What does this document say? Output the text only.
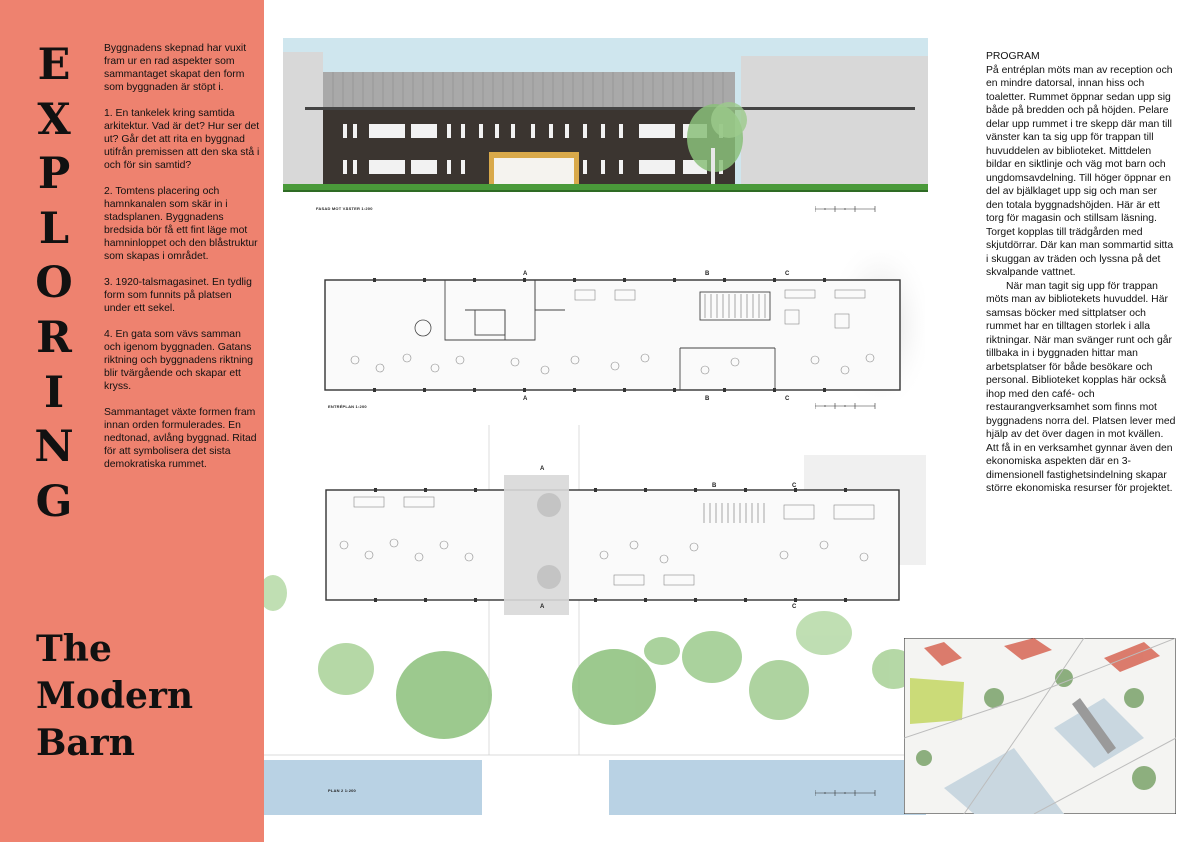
E
X
P
L
O
R
I
N
G

Byggnadens skepnad har vuxit fram ur en rad aspekter som sammantaget skapat den form som byggnaden är stöpt i.

1. En tankelek kring samtida arkitektur. Vad är det? Hur ser det ut? Går det att rita en byggnad utifrån premissen att den ska stå i och för sin samtid?

2. Tomtens placering och hamnkanalen som skär in i stadsplanen. Byggnadens bredsida bör få ett fint läge mot hamninloppet och den blåstruktur som skapas i området.

3. 1920-talsmagasinet. En tydlig form som funnits på platsen under ett sekel.

4. En gata som vävs samman och igenom byggnaden. Gatans riktning och byggnadens riktning blir tvärgående och skapar ett kryss.

Sammantaget växte formen fram innan orden formulerades. En nedtonad, avlång byggnad. Ritad för att symbolisera det sista demokratiska rummet.

The
Modern
Barn
FASAD MOT VÄSTER 1:200
A	B	C
A	B	C
ENTRÉPLAN 1:200
A
B	C
A	C
PLAN 2 1:200
PROGRAM
På entréplan möts man av reception och en mindre datorsal, innan hiss och toaletter. Rummet öppnar sedan upp sig både på bredden och på höjden. Pelare delar upp rummet i tre skepp där man till vänster kan ta sig upp för trappan till huvuddelen av biblioteket. Mittdelen bildar en siktlinje och väg mot barn och ungdomsavdelning. Till höger öppnar en del av bjälklaget upp sig och man ser den totala byggnadshöjden. Här är ett torg för magasin och stillsam läsning. Torget kopplas till trädgården med skjutdörrar. Där kan man sommartid sitta i skuggan av träden och lyssna på det skvalpande vattnet.
När man tagit sig upp för trappan möts man av bibliotekets huvuddel. Här samsas böcker med sittplatser och rummet har en tilltagen storlek i alla riktningar. När man svänger runt och går tillbaka in i byggnaden hittar man arbetsplatser för både besökare och personal. Biblioteket kopplas här också ihop med den café- och restaurangverksamhet som finns mot byggnadens norra del. Platsen lever med hjälp av det över dagen in mot kvällen. Att få in en verksamhet gynnar även den ekonomiska aspekten där en 3-dimensionell fastighetsindelning skapar större ekonomiska resurser för projektet.
